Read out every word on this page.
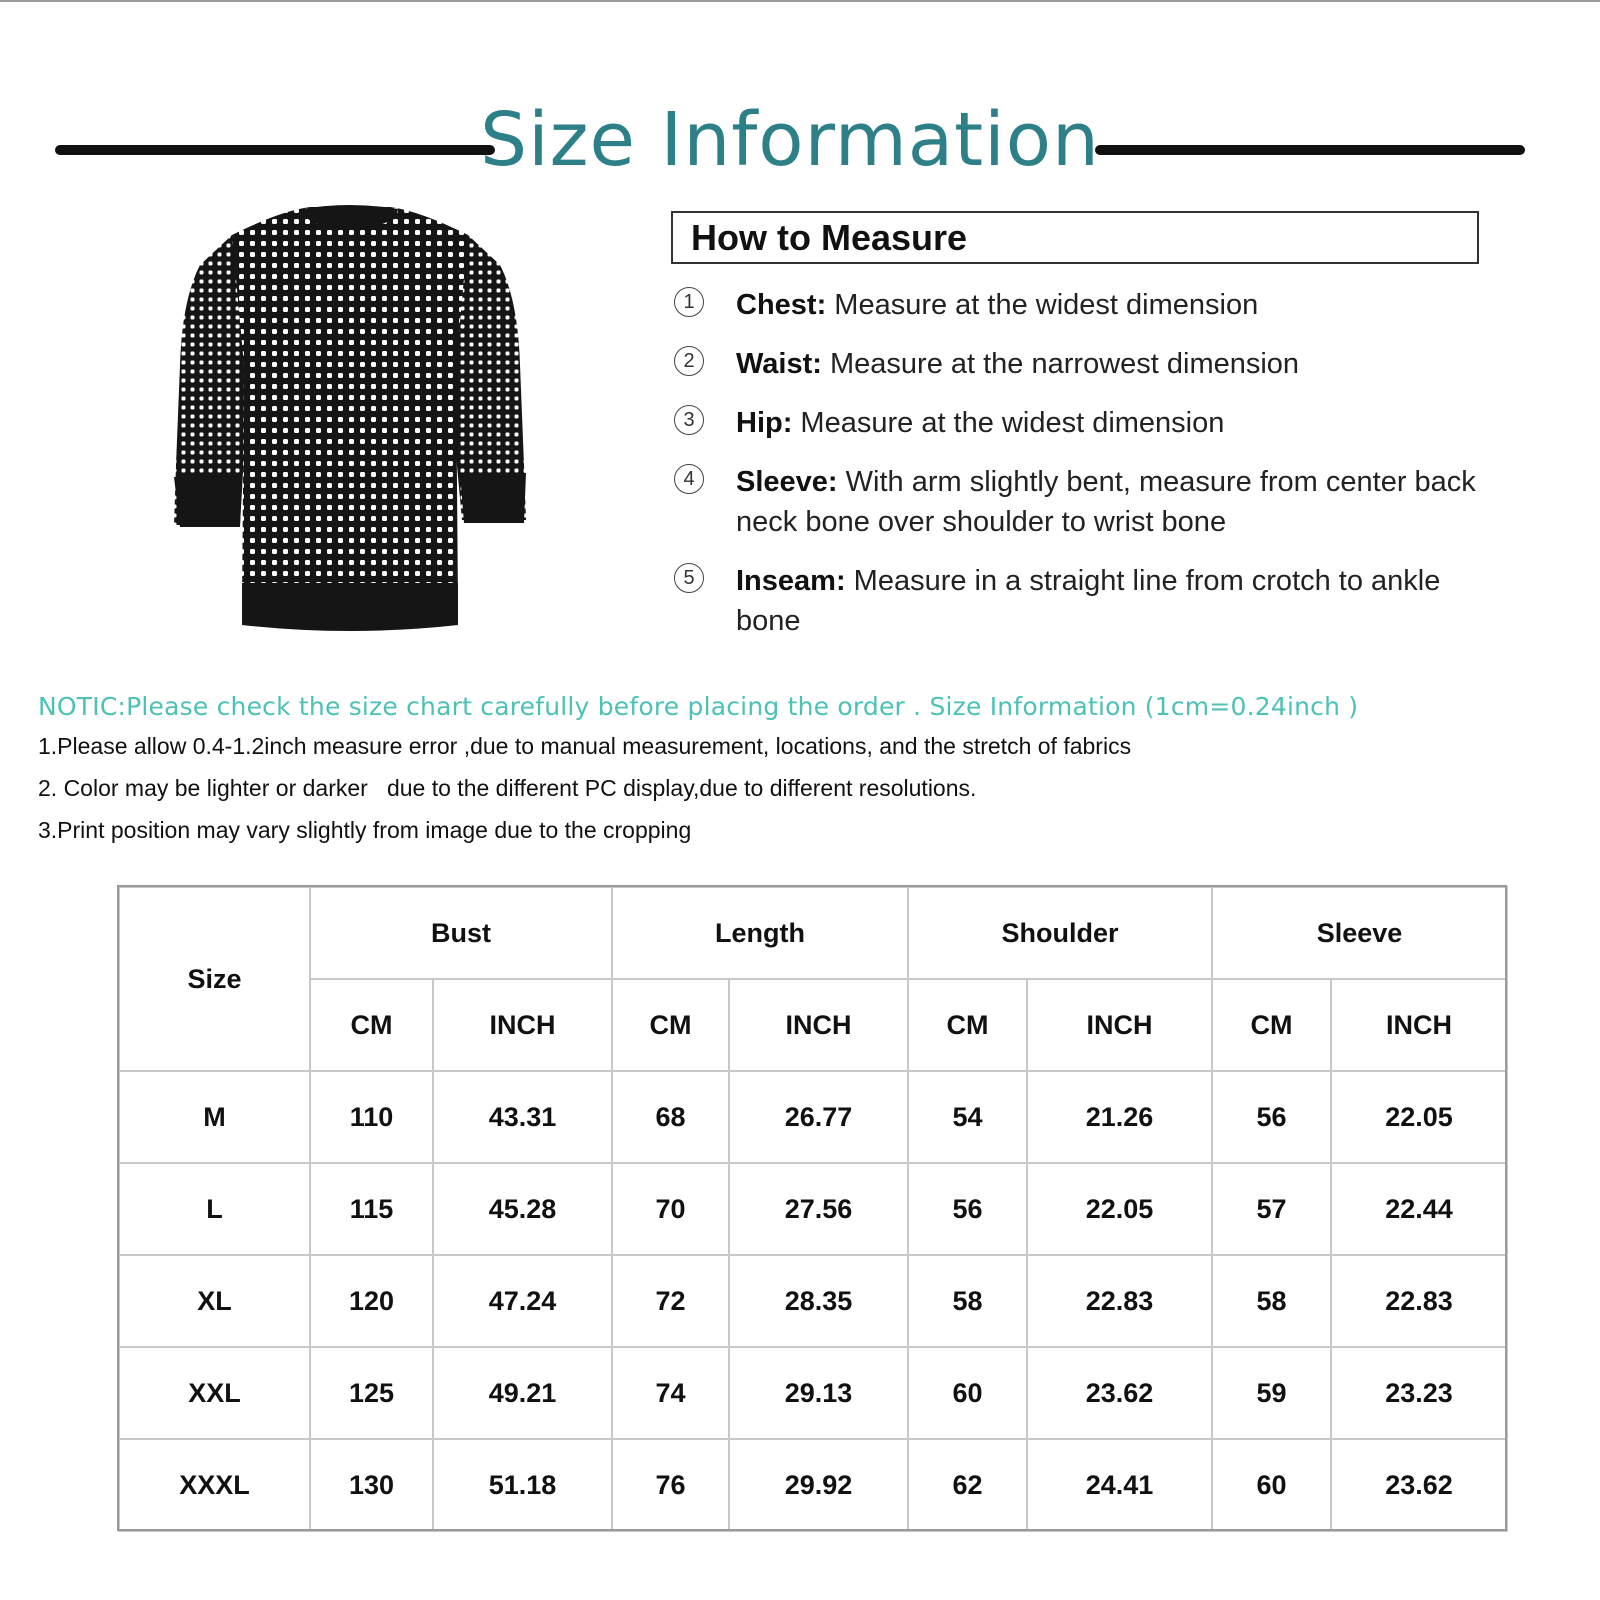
Size Information
How to Measure
1	Chest: Measure at the widest dimension
2	Waist: Measure at the narrowest dimension
3	Hip: Measure at the widest dimension
4	Sleeve: With arm slightly bent, measure from center back neck bone over shoulder to wrist bone
5	Inseam: Measure in a straight line from crotch to ankle bone
NOTIC:Please check the size chart carefully before placing the order . Size Information (1cm=0.24inch )
1.Please allow 0.4-1.2inch measure error ,due to manual measurement, locations, and the stretch of fabrics
2. Color may be lighter or darker   due to the different PC display,due to different resolutions.
3.Print position may vary slightly from image due to the cropping
Size	Bust		Length		Shoulder		Sleeve	
	CM	INCH	CM	INCH	CM	INCH	CM	INCH
M	110	43.31	68	26.77	54	21.26	56	22.05
L	115	45.28	70	27.56	56	22.05	57	22.44
XL	120	47.24	72	28.35	58	22.83	58	22.83
XXL	125	49.21	74	29.13	60	23.62	59	23.23
XXXL	130	51.18	76	29.92	62	24.41	60	23.62
